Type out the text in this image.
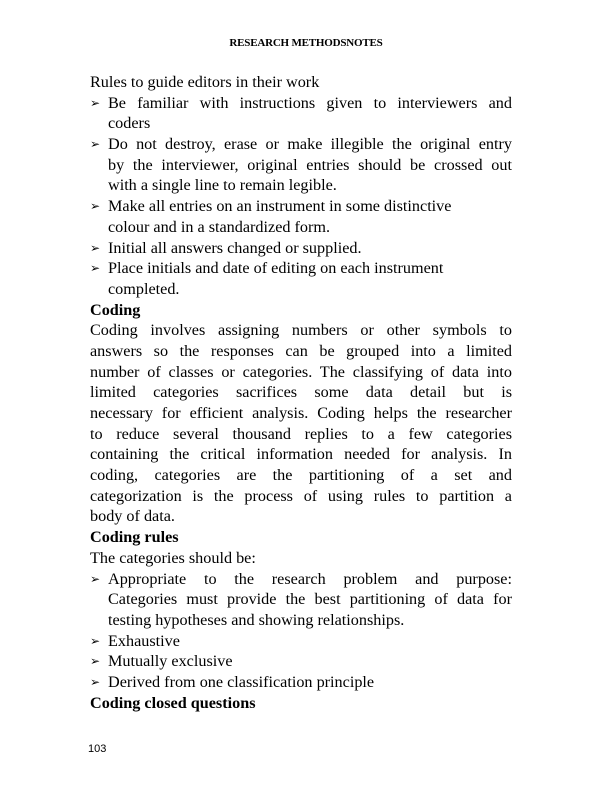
RESEARCH METHODSNOTES
Rules to guide editors in their work
➢ Be familiar with instructions given to interviewers and
coders
➢ Do not destroy, erase or make illegible the original entry
by the interviewer, original entries should be crossed out
with a single line to remain legible.
➢ Make all entries on an instrument in some distinctive
colour and in a standardized form.
➢ Initial all answers changed or supplied.
➢ Place initials and date of editing on each instrument
completed.
Coding
Coding involves assigning numbers or other symbols to
answers so the responses can be grouped into a limited
number of classes or categories. The classifying of data into
limited categories sacrifices some data detail but is
necessary for efficient analysis. Coding helps the researcher
to reduce several thousand replies to a few categories
containing the critical information needed for analysis. In
coding, categories are the partitioning of a set and
categorization is the process of using rules to partition a
body of data.
Coding rules
The categories should be:
➢ Appropriate to the research problem and purpose:
Categories must provide the best partitioning of data for
testing hypotheses and showing relationships.
➢ Exhaustive
➢ Mutually exclusive
➢ Derived from one classification principle
Coding closed questions
103
